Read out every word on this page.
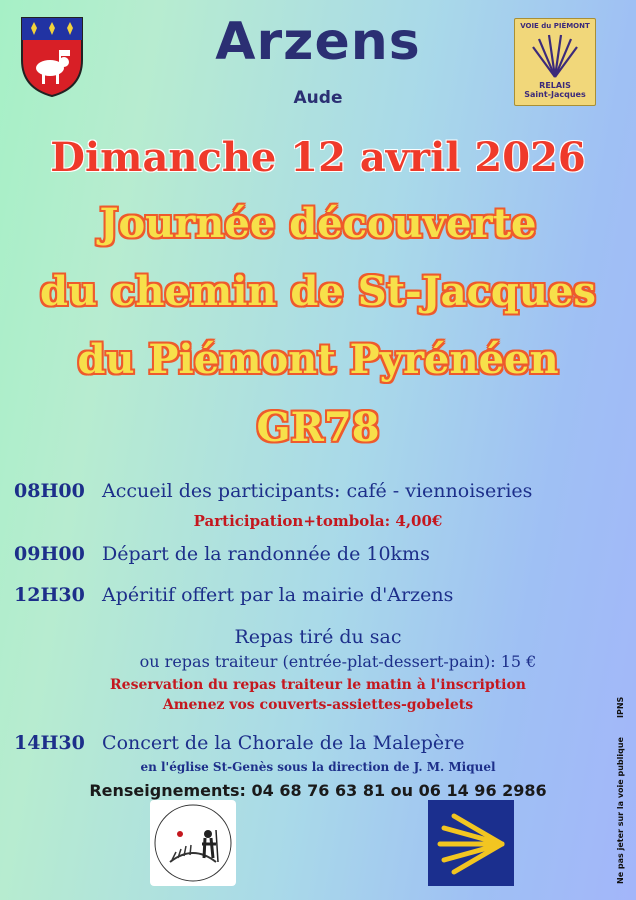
Arzens
Aude
VOIE du PIÉMONT
RELAIS
Saint-Jacques
Dimanche 12 avril 2026
Journée découverte
du chemin de St-Jacques
du Piémont Pyrénéen
GR78
08H00 Accueil des participants: café - viennoiseries
Participation+tombola: 4,00€
09H00 Départ de la randonnée de 10kms
12H30 Apéritif offert par la mairie d'Arzens
Repas tiré du sac
ou repas traiteur (entrée-plat-dessert-pain): 15 €
Reservation du repas traiteur le matin à l'inscription
Amenez vos couverts-assiettes-gobelets
14H30 Concert de la Chorale de la Malepère
en l'église St-Genès sous la direction de J. M. Miquel
Renseignements: 04 68 76 63 81 ou 06 14 96 2986
IPNS
Ne pas jeter sur la voie publique
